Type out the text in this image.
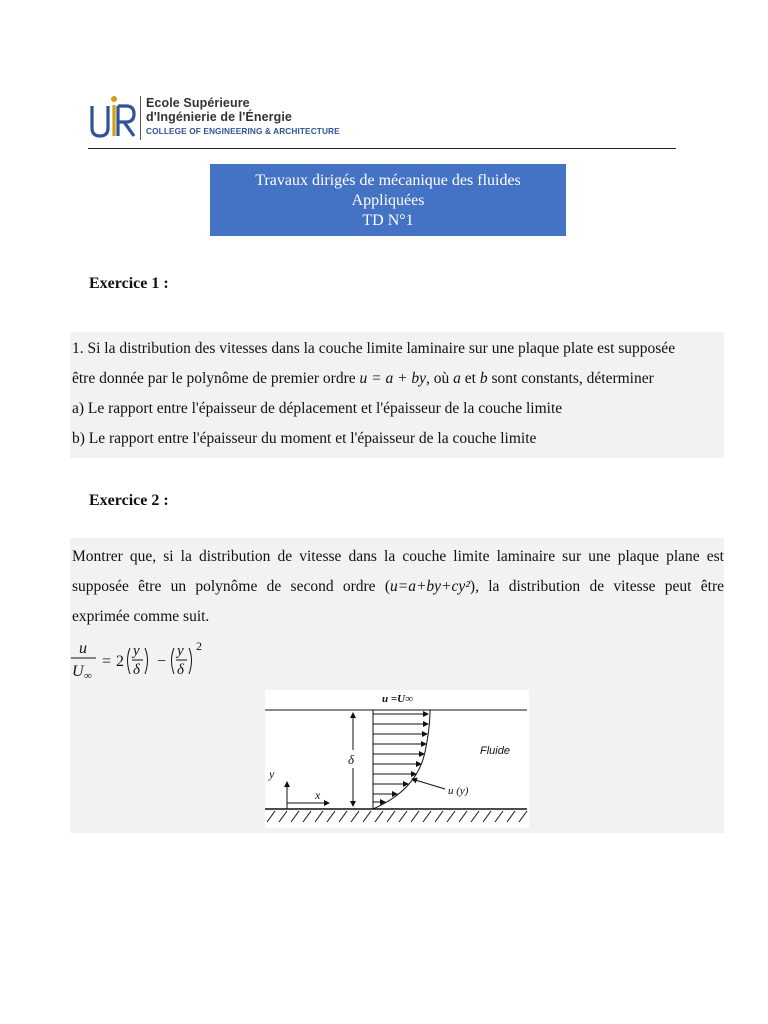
Ecole Supérieure
d'Ingénierie de l'Énergie
COLLEGE OF ENGINEERING & ARCHITECTURE
Travaux dirigés de mécanique des fluides
Appliquées
TD N°1
Exercice 1 :
1. Si la distribution des vitesses dans la couche limite laminaire sur une plaque plate est supposée
être donnée par le polynôme de premier ordre u = a + by, où a et b sont constants, déterminer
a) Le rapport entre l'épaisseur de déplacement et l'épaisseur de la couche limite
b) Le rapport entre l'épaisseur du moment et l'épaisseur de la couche limite
Exercice 2 :
Montrer que, si la distribution de vitesse dans la couche limite laminaire sur une plaque plane est
supposée être un polynôme de second ordre (u=a+by+cy²), la distribution de vitesse peut être
exprimée comme suit.
u
U ∞
= 2
y
δ −
y
δ
2
u =U∞
δ
y
x	u (y)
Fluide
